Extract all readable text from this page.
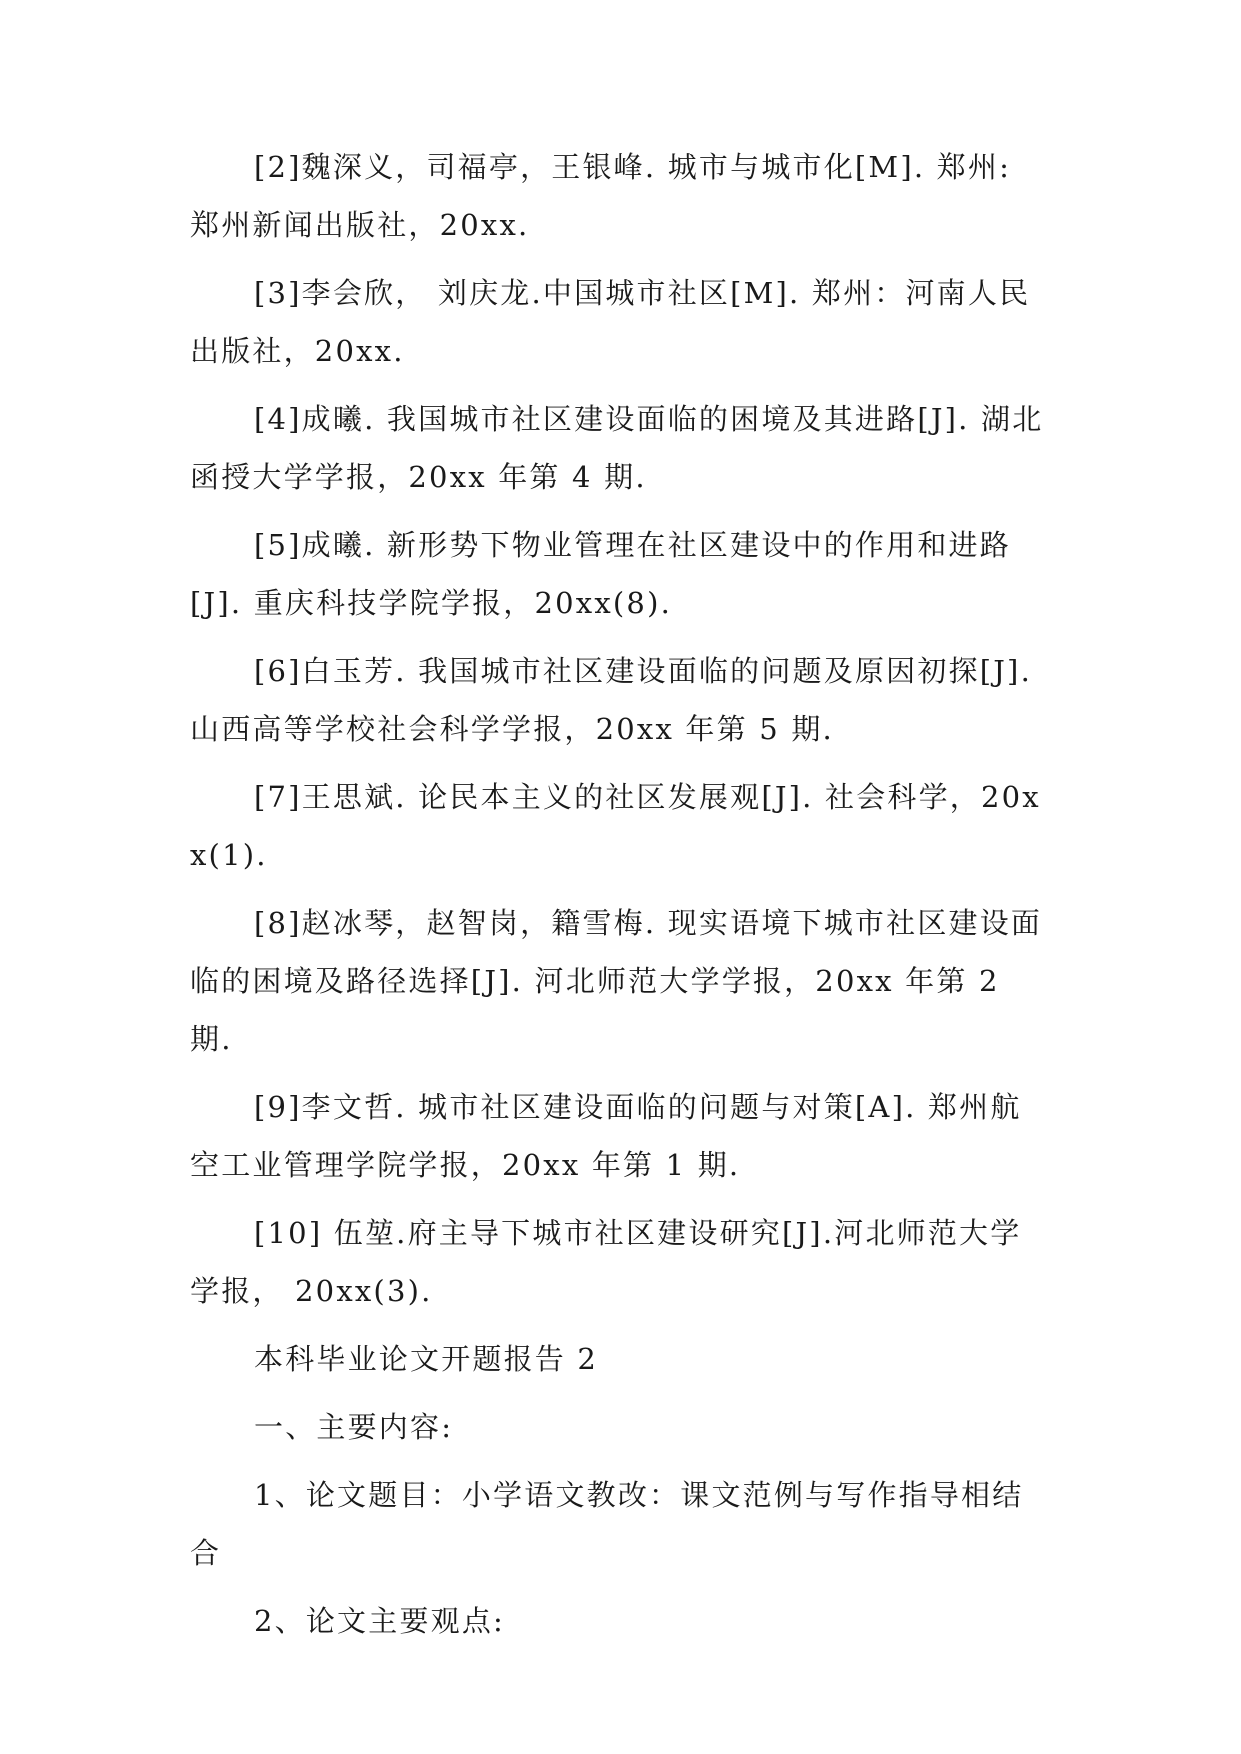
[2]魏深义，司福亭，王银峰. 城市与城市化[M]. 郑州: 郑州新闻出版社，20xx.

[3]李会欣， 刘庆龙.中国城市社区[M]. 郑州：河南人民出版社，20xx.

[4]成曦. 我国城市社区建设面临的困境及其进路[J]. 湖北函授大学学报，20xx 年第 4 期.

[5]成曦. 新形势下物业管理在社区建设中的作用和进路[J]. 重庆科技学院学报，20xx(8).

[6]白玉芳. 我国城市社区建设面临的问题及原因初探[J]. 山西高等学校社会科学学报，20xx 年第 5 期.

[7]王思斌. 论民本主义的社区发展观[J]. 社会科学，20xx(1).

[8]赵冰琴，赵智岗，籍雪梅. 现实语境下城市社区建设面临的困境及路径选择[J]. 河北师范大学学报，20xx 年第 2 期.

[9]李文哲. 城市社区建设面临的问题与对策[A]. 郑州航空工业管理学院学报，20xx 年第 1 期.

[10] 伍堃.府主导下城市社区建设研究[J].河北师范大学学报， 20xx(3).

本科毕业论文开题报告 2

一、主要内容:

1、论文题目：小学语文教改：课文范例与写作指导相结合

2、论文主要观点:
